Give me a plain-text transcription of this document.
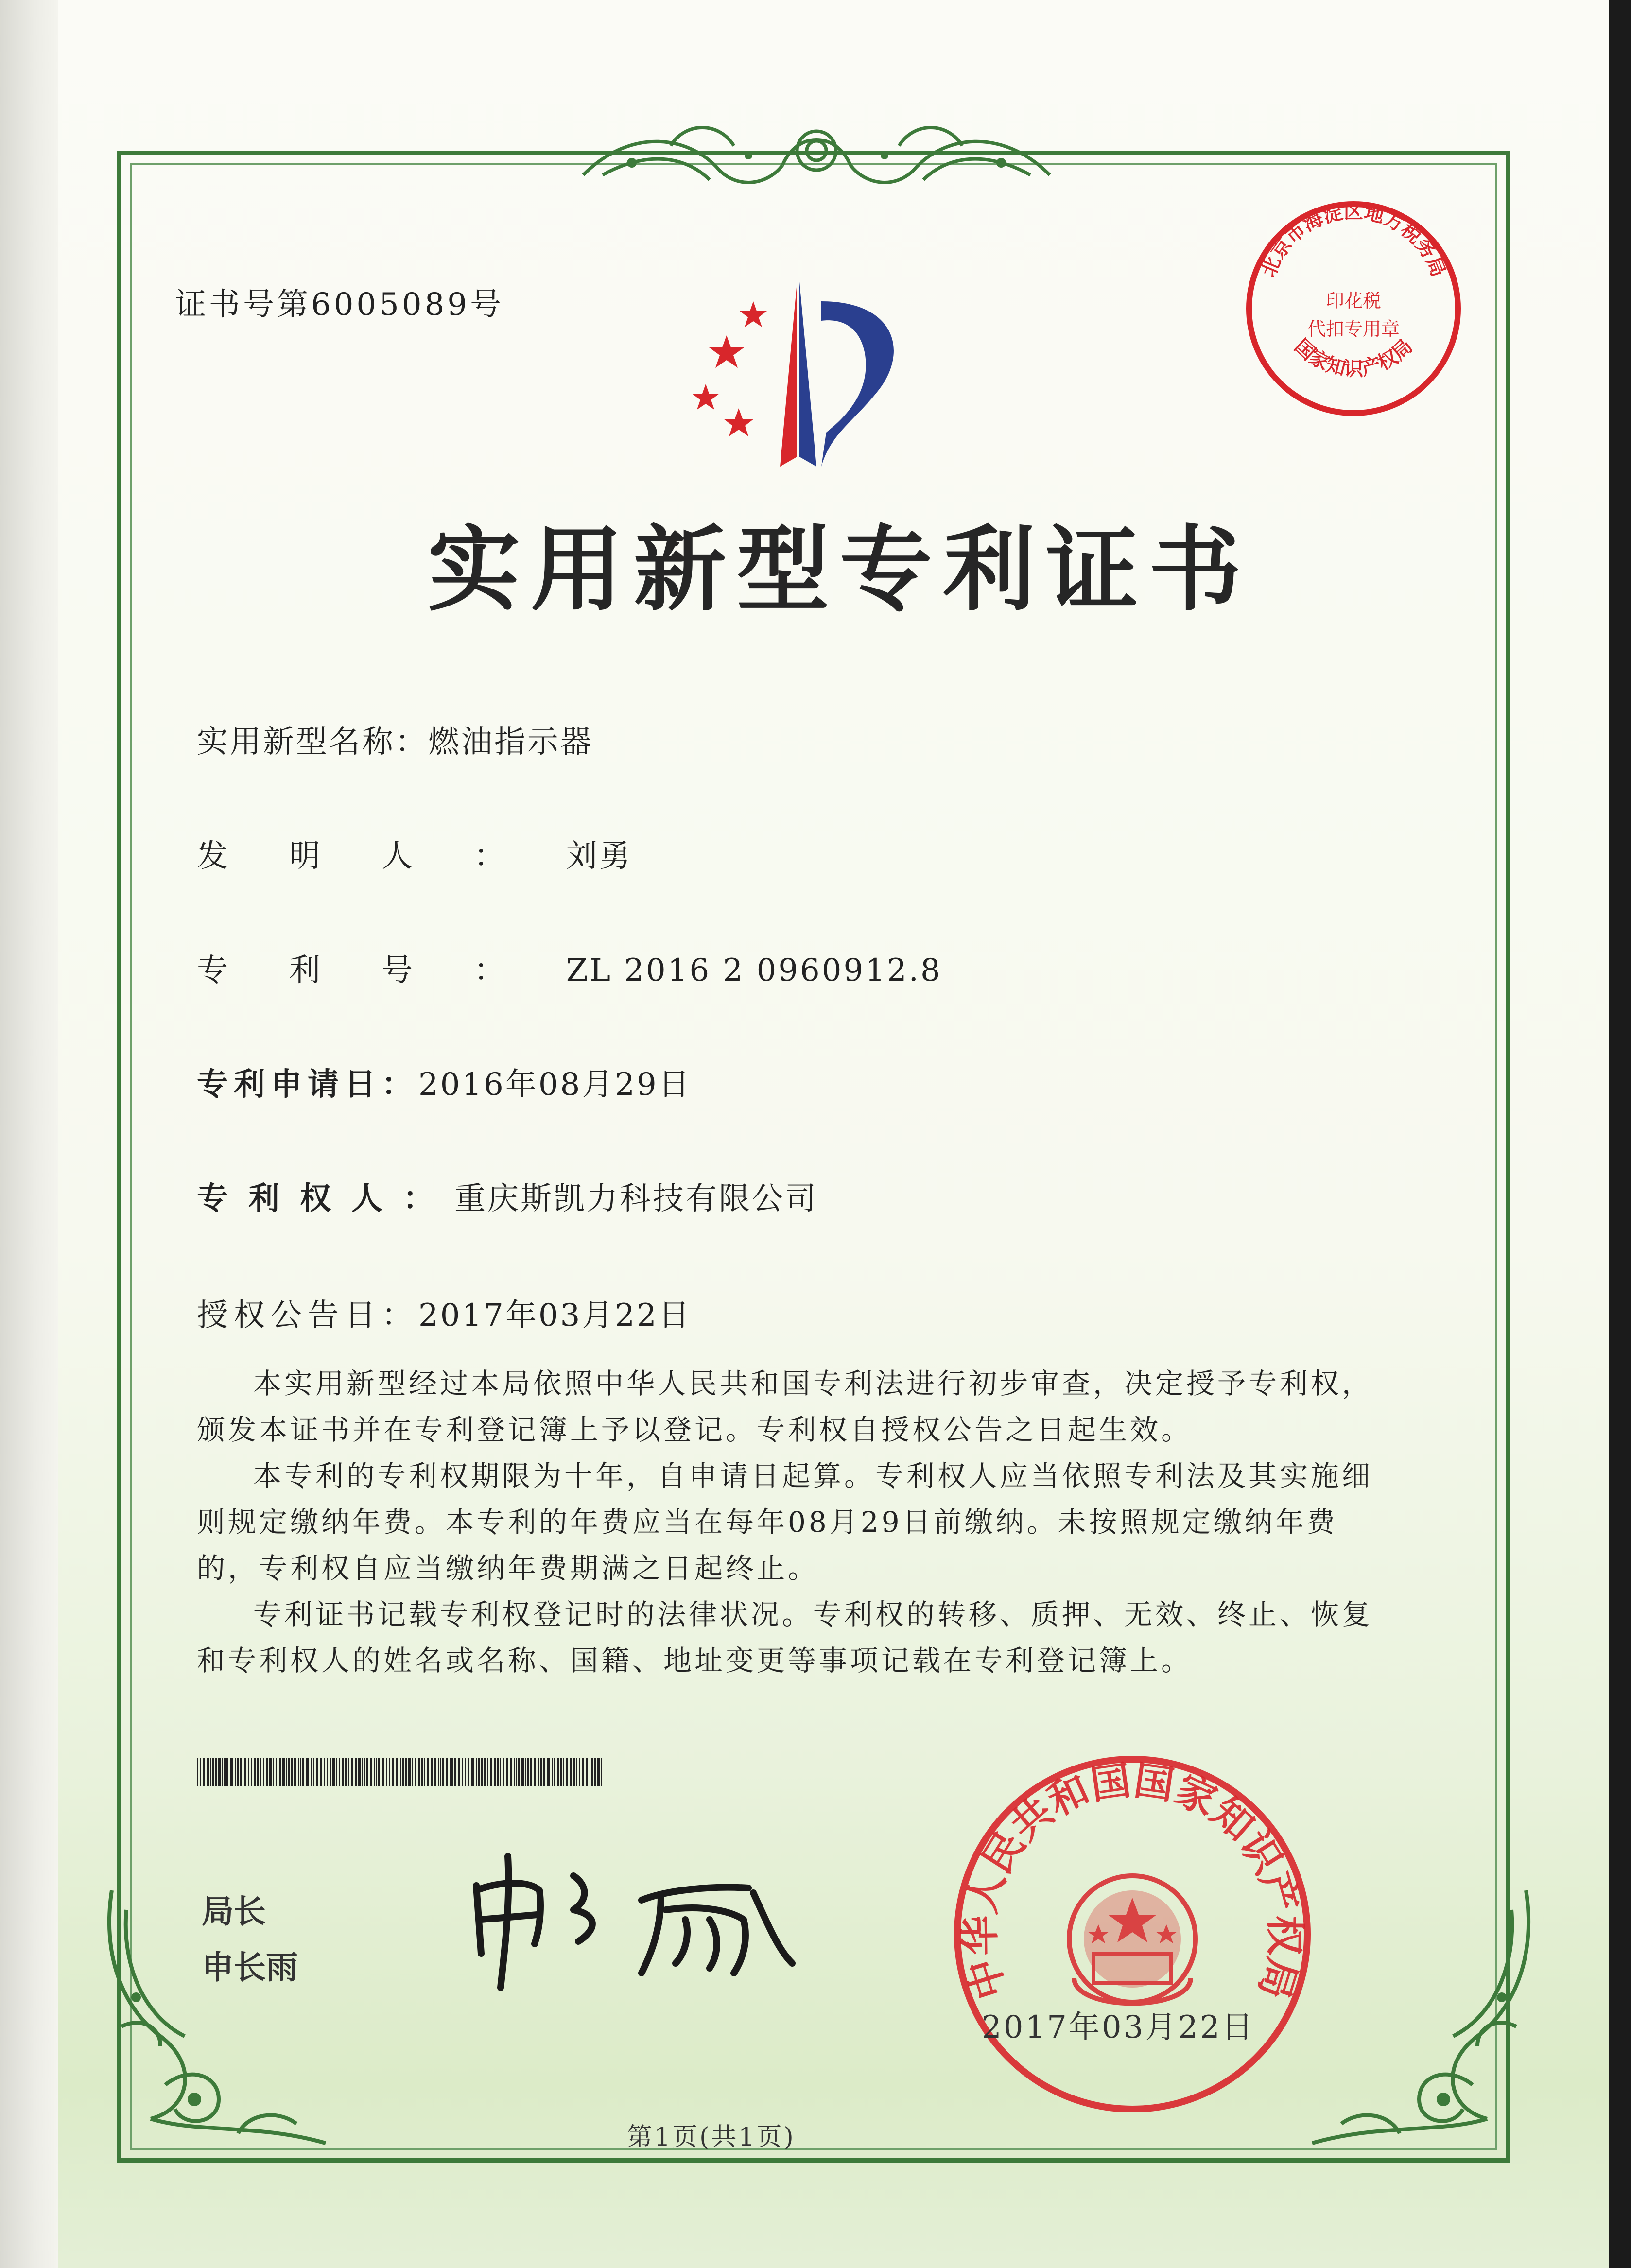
证书号第6005089号
北京市海淀区地方税务局
国家知识产权局
印花税
代扣专用章
实用新型专利证书
实用新型名称：燃油指示器
发明人：刘勇
专利号：ZL 2016 2 0960912.8
专利申请日：2016年08月29日
专利权人：重庆斯凯力科技有限公司
授权公告日：2017年03月22日
本实用新型经过本局依照中华人民共和国专利法进行初步审查，决定授予专利权，颁发本证书并在专利登记簿上予以登记。专利权自授权公告之日起生效。
本专利的专利权期限为十年，自申请日起算。专利权人应当依照专利法及其实施细则规定缴纳年费。本专利的年费应当在每年08月29日前缴纳。未按照规定缴纳年费的，专利权自应当缴纳年费期满之日起终止。
专利证书记载专利权登记时的法律状况。专利权的转移、质押、无效、终止、恢复和专利权人的姓名或名称、国籍、地址变更等事项记载在专利登记簿上。
局长
申长雨	中华人民共和国国家知识产权局
2017年03月22日
第1页(共1页)
